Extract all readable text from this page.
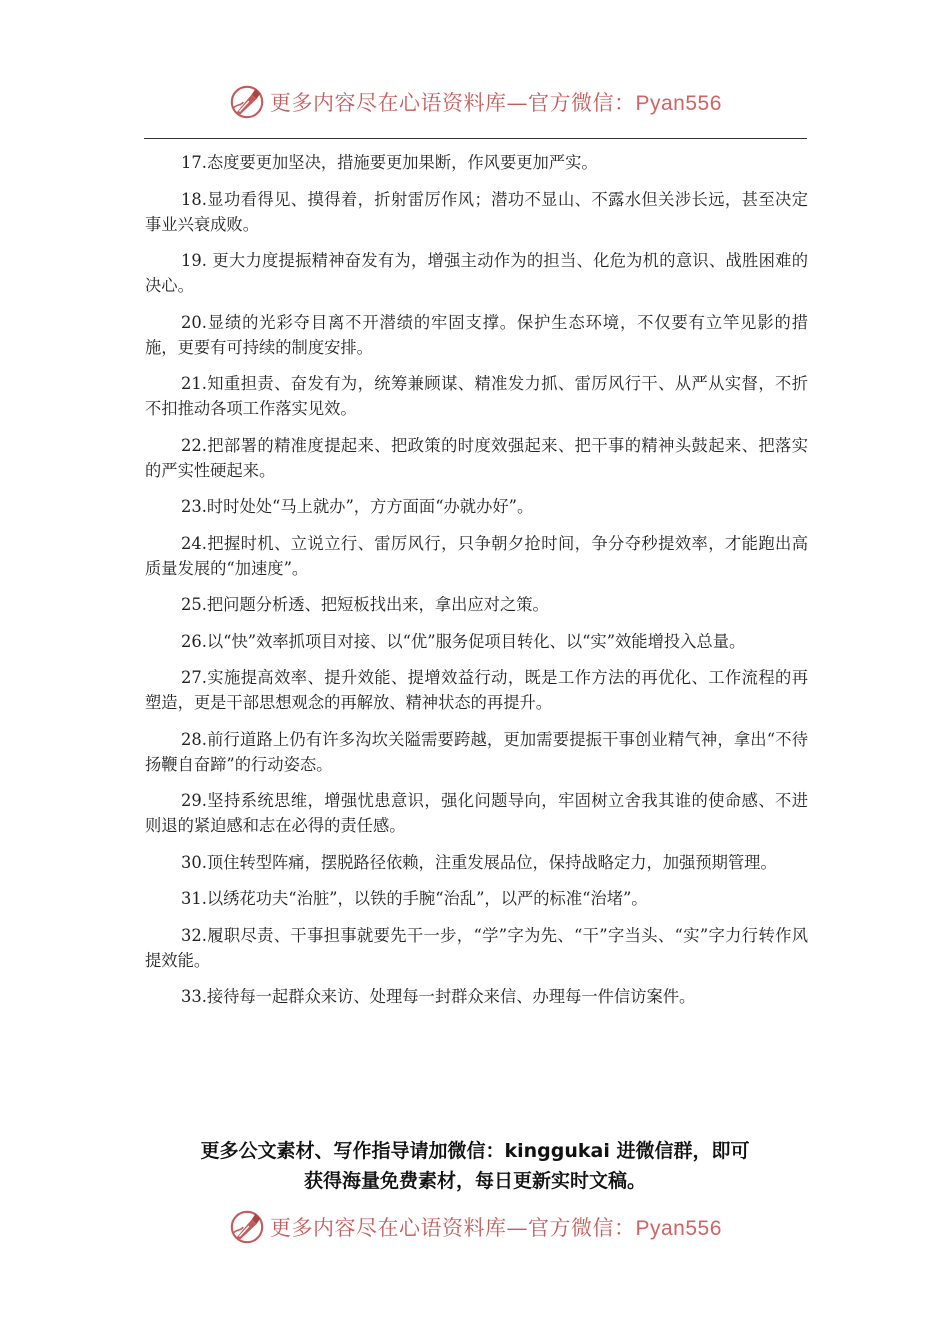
更多内容尽在心语资料库—官方微信：Pyan556

17.态度要更加坚决，措施要更加果断，作风要更加严实。

18.显功看得见、摸得着，折射雷厉作风；潜功不显山、不露水但关涉长远，甚至决定事业兴衰成败。

19. 更大力度提振精神奋发有为，增强主动作为的担当、化危为机的意识、战胜困难的决心。

20.显绩的光彩夺目离不开潜绩的牢固支撑。保护生态环境，不仅要有立竿见影的措施，更要有可持续的制度安排。

21.知重担责、奋发有为，统筹兼顾谋、精准发力抓、雷厉风行干、从严从实督，不折不扣推动各项工作落实见效。

22.把部署的精准度提起来、把政策的时度效强起来、把干事的精神头鼓起来、把落实的严实性硬起来。

23.时时处处“马上就办”，方方面面“办就办好”。

24.把握时机、立说立行、雷厉风行，只争朝夕抢时间，争分夺秒提效率，才能跑出高质量发展的“加速度”。

25.把问题分析透、把短板找出来，拿出应对之策。

26.以“快”效率抓项目对接、以“优”服务促项目转化、以“实”效能增投入总量。

27.实施提高效率、提升效能、提增效益行动，既是工作方法的再优化、工作流程的再塑造，更是干部思想观念的再解放、精神状态的再提升。

28.前行道路上仍有许多沟坎关隘需要跨越，更加需要提振干事创业精气神，拿出“不待扬鞭自奋蹄”的行动姿态。

29.坚持系统思维，增强忧患意识，强化问题导向，牢固树立舍我其谁的使命感、不进则退的紧迫感和志在必得的责任感。

30.顶住转型阵痛，摆脱路径依赖，注重发展品位，保持战略定力，加强预期管理。

31.以绣花功夫“治脏”，以铁的手腕“治乱”，以严的标准“治堵”。

32.履职尽责、干事担事就要先干一步，“学”字为先、“干”字当头、“实”字力行转作风提效能。

33.接待每一起群众来访、处理每一封群众来信、办理每一件信访案件。

更多公文素材、写作指导请加微信：kinggukai 进微信群，即可
获得海量免费素材，每日更新实时文稿。
更多内容尽在心语资料库—官方微信：Pyan556
